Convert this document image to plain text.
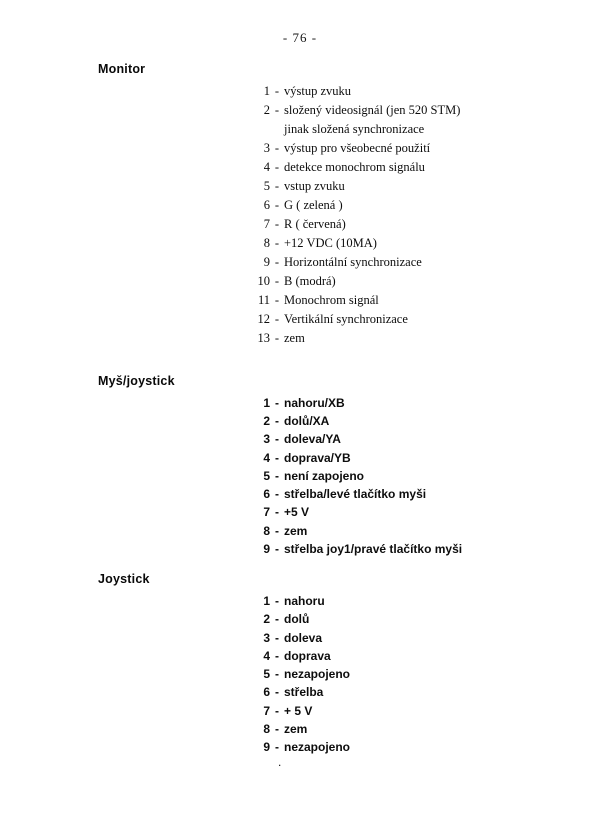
- 76 -
Monitor
1 - výstup zvuku
2 - složený videosignál (jen 520 STM)
jinak složená synchronizace
3 - výstup pro všeobecné použití
4 - detekce monochrom signálu
5 - vstup zvuku
6 - G ( zelená )
7 - R ( červená)
8 - +12 VDC (10MA)
9 - Horizontální synchronizace
10 - B (modrá)
11 - Monochrom signál
12 - Vertikální synchronizace
13 - zem
Myš/joystick
1 - nahoru/XB
2 - dolů/XA
3 - doleva/YA
4 - doprava/YB
5 - není zapojeno
6 - střelba/levé tlačítko myši
7 - +5 V
8 - zem
9 - střelba joy1/pravé tlačítko myši
Joystick
1 - nahoru
2 - dolů
3 - doleva
4 - doprava
5 - nezapojeno
6 - střelba
7 - + 5 V
8 - zem
9 - nezapojeno
.
